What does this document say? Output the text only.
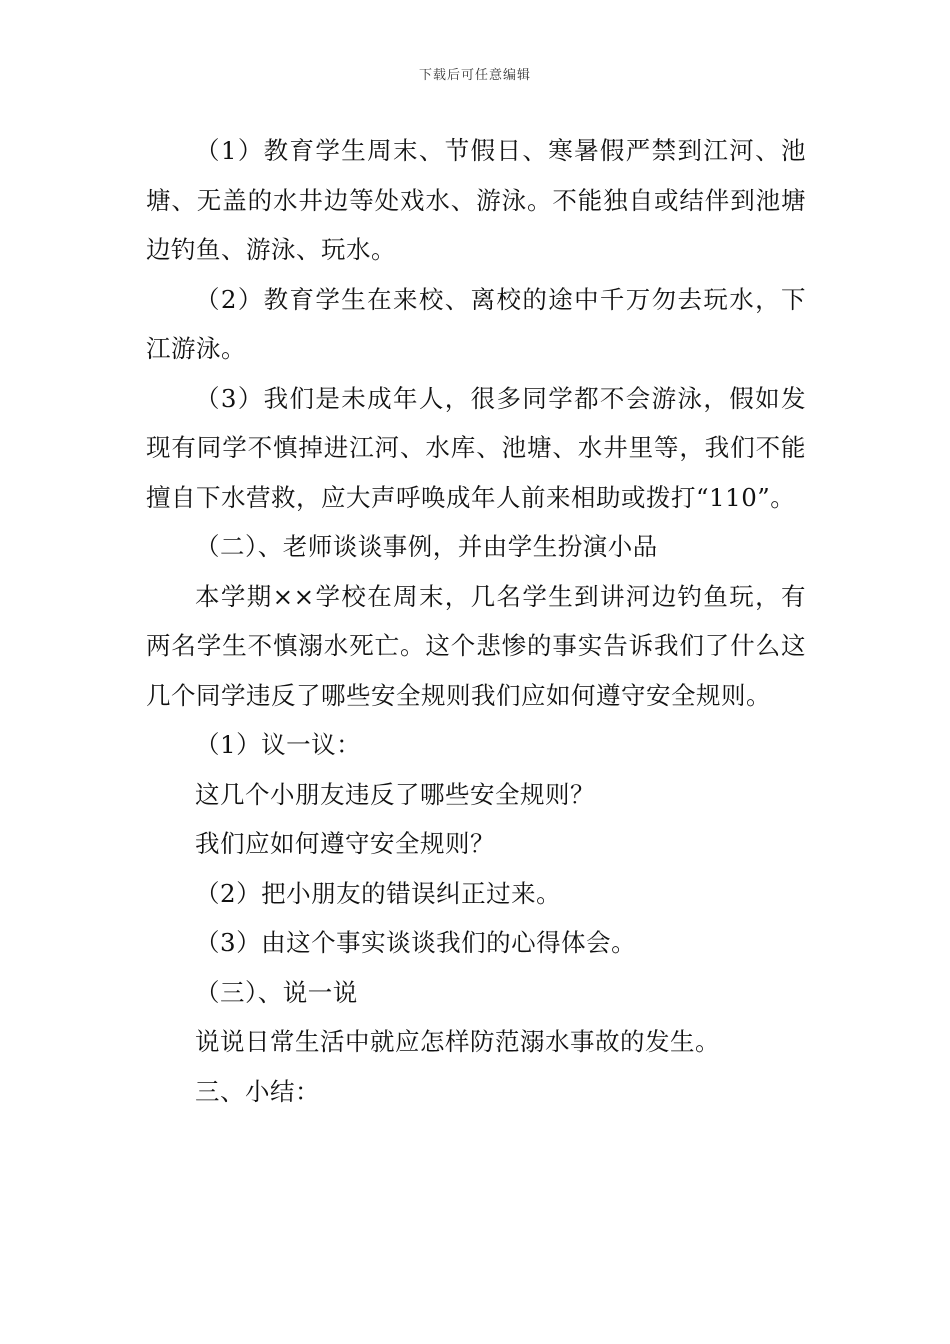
下载后可任意编辑

（1）教育学生周末、节假日、寒暑假严禁到江河、池塘、无盖的水井边等处戏水、游泳。不能独自或结伴到池塘边钓鱼、游泳、玩水。

（2）教育学生在来校、离校的途中千万勿去玩水，下江游泳。

（3）我们是未成年人，很多同学都不会游泳，假如发现有同学不慎掉进江河、水库、池塘、水井里等，我们不能擅自下水营救，应大声呼唤成年人前来相助或拨打“110”。

（二）、老师谈谈事例，并由学生扮演小品

本学期××学校在周末，几名学生到讲河边钓鱼玩，有两名学生不慎溺水死亡。这个悲惨的事实告诉我们了什么这几个同学违反了哪些安全规则我们应如何遵守安全规则。

（1）议一议：

这几个小朋友违反了哪些安全规则？

我们应如何遵守安全规则？

（2）把小朋友的错误纠正过来。

（3）由这个事实谈谈我们的心得体会。

（三）、说一说

说说日常生活中就应怎样防范溺水事故的发生。

三、小结：
